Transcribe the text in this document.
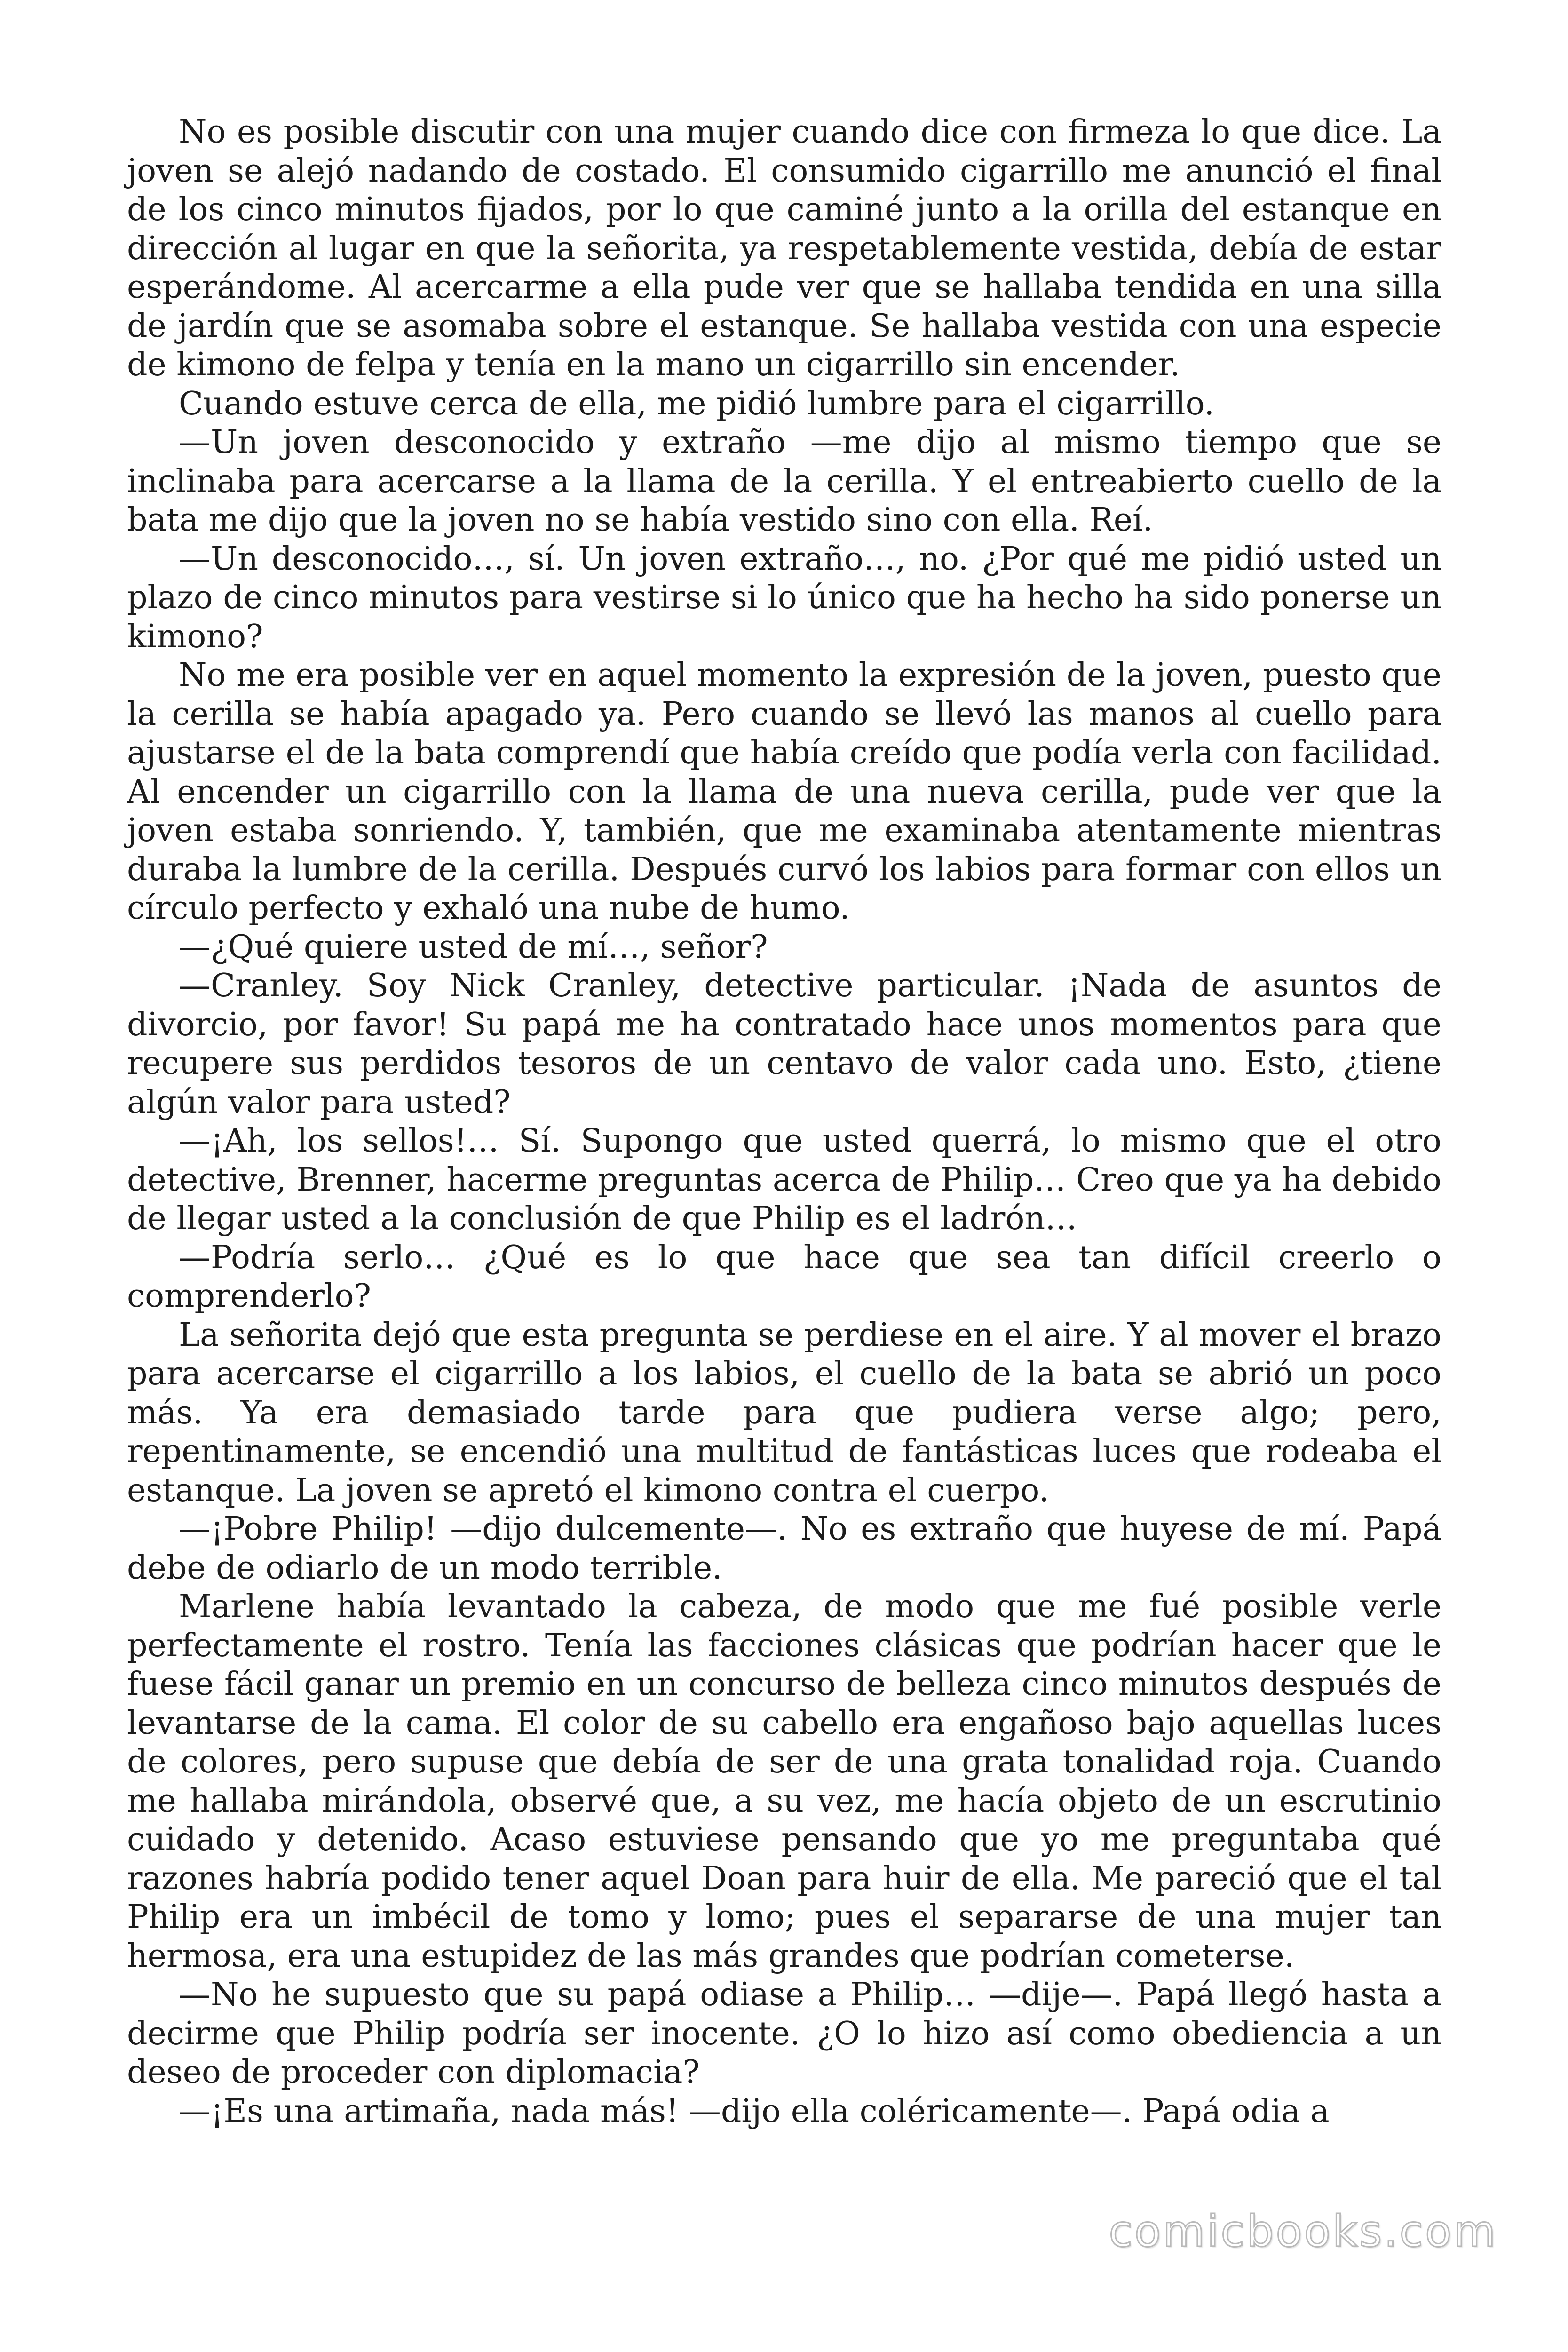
No es posible discutir con una mujer cuando dice con firmeza lo que dice. La joven se alejó nadando de costado. El consumido cigarrillo me anunció el final de los cinco minutos fijados, por lo que caminé junto a la orilla del estanque en dirección al lugar en que la señorita, ya respetablemente vestida, debía de estar esperándome. Al acercarme a ella pude ver que se hallaba tendida en una silla de jardín que se asomaba sobre el estanque. Se hallaba vestida con una especie de kimono de felpa y tenía en la mano un cigarrillo sin encender.

Cuando estuve cerca de ella, me pidió lumbre para el cigarrillo.

—Un joven desconocido y extraño —me dijo al mismo tiempo que se inclinaba para acercarse a la llama de la cerilla. Y el entreabierto cuello de la bata me dijo que la joven no se había vestido sino con ella. Reí.

—Un desconocido…, sí. Un joven extraño…, no. ¿Por qué me pidió usted un plazo de cinco minutos para vestirse si lo único que ha hecho ha sido ponerse un kimono?

No me era posible ver en aquel momento la expresión de la joven, puesto que la cerilla se había apagado ya. Pero cuando se llevó las manos al cuello para ajustarse el de la bata comprendí que había creído que podía verla con facilidad. Al encender un cigarrillo con la llama de una nueva cerilla, pude ver que la joven estaba sonriendo. Y, también, que me examinaba atentamente mientras duraba la lumbre de la cerilla. Después curvó los labios para formar con ellos un círculo perfecto y exhaló una nube de humo.

—¿Qué quiere usted de mí…, señor?

—Cranley. Soy Nick Cranley, detective particular. ¡Nada de asuntos de divorcio, por favor! Su papá me ha contratado hace unos momentos para que recupere sus perdidos tesoros de un centavo de valor cada uno. Esto, ¿tiene algún valor para usted?

—¡Ah, los sellos!… Sí. Supongo que usted querrá, lo mismo que el otro detective, Brenner, hacerme preguntas acerca de Philip… Creo que ya ha debido de llegar usted a la conclusión de que Philip es el ladrón…

—Podría serlo… ¿Qué es lo que hace que sea tan difícil creerlo o comprenderlo?

La señorita dejó que esta pregunta se perdiese en el aire. Y al mover el brazo para acercarse el cigarrillo a los labios, el cuello de la bata se abrió un poco más. Ya era demasiado tarde para que pudiera verse algo; pero, repentinamente, se encendió una multitud de fantásticas luces que rodeaba el estanque. La joven se apretó el kimono contra el cuerpo.

—¡Pobre Philip! —dijo dulcemente—. No es extraño que huyese de mí. Papá debe de odiarlo de un modo terrible.

Marlene había levantado la cabeza, de modo que me fué posible verle perfectamente el rostro. Tenía las facciones clásicas que podrían hacer que le fuese fácil ganar un premio en un concurso de belleza cinco minutos después de levantarse de la cama. El color de su cabello era engañoso bajo aquellas luces de colores, pero supuse que debía de ser de una grata tonalidad roja. Cuando me hallaba mirándola, observé que, a su vez, me hacía objeto de un escrutinio cuidado y detenido. Acaso estuviese pensando que yo me preguntaba qué razones habría podido tener aquel Doan para huir de ella. Me pareció que el tal Philip era un imbécil de tomo y lomo; pues el separarse de una mujer tan hermosa, era una estupidez de las más grandes que podrían cometerse.

—No he supuesto que su papá odiase a Philip… —dije—. Papá llegó hasta a decirme que Philip podría ser inocente. ¿O lo hizo así como obediencia a un deseo de proceder con diplomacia?

—¡Es una artimaña, nada más! —dijo ella coléricamente—. Papá odia a

comicbooks.com
